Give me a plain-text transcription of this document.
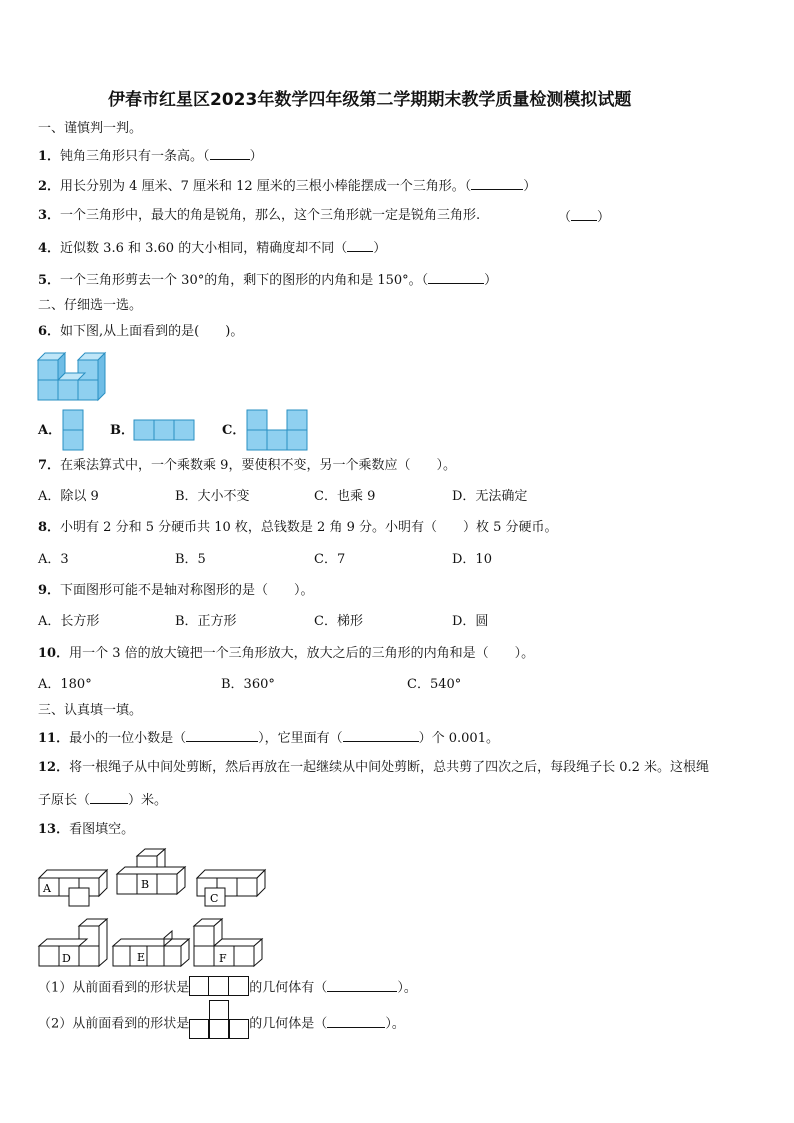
伊春市红星区2023年数学四年级第二学期期末教学质量检测模拟试题
一、谨慎判一判。
1．钝角三角形只有一条高。（	）
2．用长分别为 4 厘米、7 厘米和 12 厘米的三根小棒能摆成一个三角形。（	）
3．一个三角形中，最大的角是锐角，那么，这个三角形就一定是锐角三角形.	（ ）
4．近似数 3.6 和 3.60 的大小相同，精确度却不同（ ）
5．一个三角形剪去一个 30°的角，剩下的图形的内角和是 150°。（	）
二、仔细选一选。
6．如下图,从上面看到的是(　　)。
A．	B．	C．
7．在乘法算式中，一个乘数乘 9，要使积不变，另一个乘数应（　　）。
A．除以 9	B．大小不变	C．也乘 9	D．无法确定
8．小明有 2 分和 5 分硬币共 10 枚，总钱数是 2 角 9 分。小明有（　　）枚 5 分硬币。
A．3	B．5	C．7	D．10
9．下面图形可能不是轴对称图形的是（　　）。
A．长方形	B．正方形	C．梯形	D．圆
10．用一个 3 倍的放大镜把一个三角形放大，放大之后的三角形的内角和是（　　）。
A．180°	B．360°	C．540°
三、认真填一填。
11．最小的一位小数是（	），它里面有（	）个 0.001。
12．将一根绳子从中间处剪断，然后再放在一起继续从中间处剪断，总共剪了四次之后，每段绳子长 0.2 米。这根绳
子原长（	）米。
13．看图填空。
A	B
C
D	E	F
（1）从前面看到的形状是	的几何体有（	）。
（2）从前面看到的形状是	的几何体是（	）。
